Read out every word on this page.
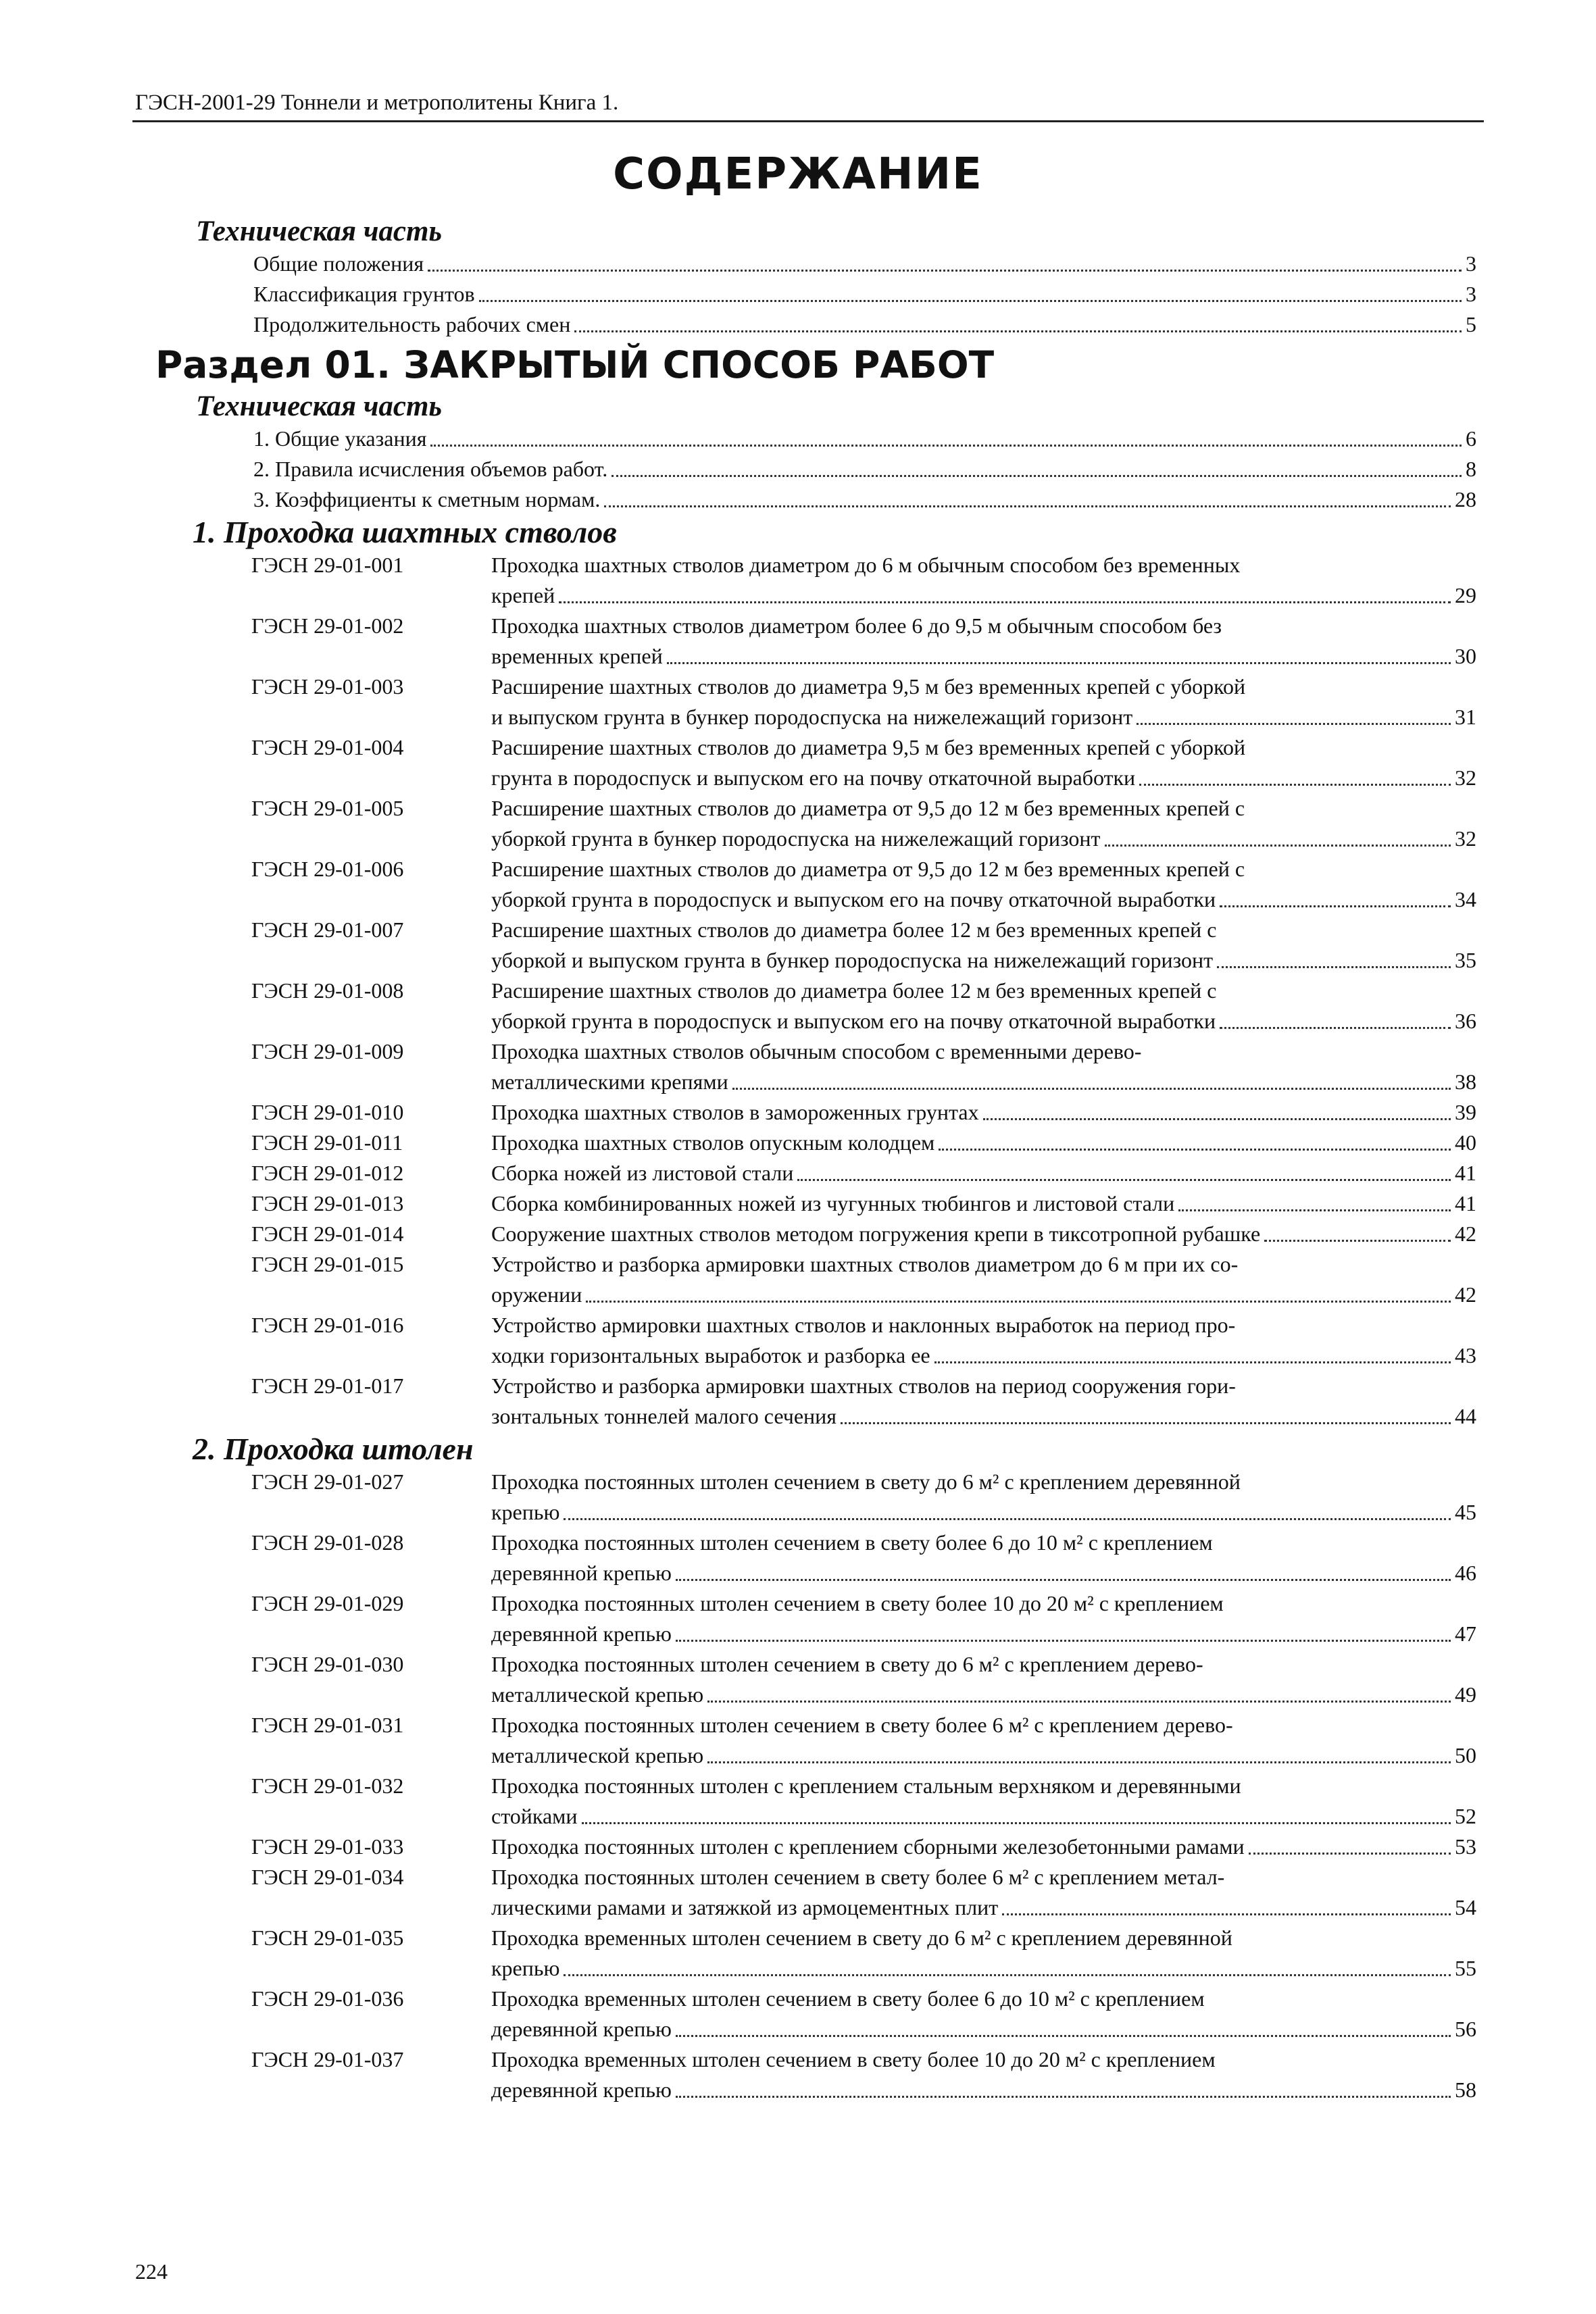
ГЭСН-2001-29 Тоннели и метрополитены Книга 1.
СОДЕРЖАНИЕ
Техническая часть
Общие положения	3
Классификация грунтов	3
Продолжительность рабочих смен	5
Раздел 01. ЗАКРЫТЫЙ СПОСОБ РАБОТ
Техническая часть
1. Общие указания	6
2. Правила исчисления объемов работ.	8
3. Коэффициенты к сметным нормам.	28
1. Проходка шахтных стволов
ГЭСН 29-01-001	Проходка шахтных стволов диаметром до 6 м обычным способом без временных
крепей	29
ГЭСН 29-01-002	Проходка шахтных стволов диаметром более 6 до 9,5 м обычным способом без
временных крепей	30
ГЭСН 29-01-003	Расширение шахтных стволов до диаметра 9,5 м без временных крепей с уборкой
и выпуском грунта в бункер породоспуска на нижележащий горизонт	31
ГЭСН 29-01-004	Расширение шахтных стволов до диаметра 9,5 м без временных крепей с уборкой
грунта в породоспуск и выпуском его на почву откаточной выработки	32
ГЭСН 29-01-005	Расширение шахтных стволов до диаметра от 9,5 до 12 м без временных крепей с
уборкой грунта в бункер породоспуска на нижележащий горизонт	32
ГЭСН 29-01-006	Расширение шахтных стволов до диаметра от 9,5 до 12 м без временных крепей с
уборкой грунта в породоспуск и выпуском его на почву откаточной выработки	34
ГЭСН 29-01-007	Расширение шахтных стволов до диаметра более 12 м без временных крепей с
уборкой и выпуском грунта в бункер породоспуска на нижележащий горизонт	35
ГЭСН 29-01-008	Расширение шахтных стволов до диаметра более 12 м без временных крепей с
уборкой грунта в породоспуск и выпуском его на почву откаточной выработки	36
ГЭСН 29-01-009	Проходка шахтных стволов обычным способом с временными дерево-
металлическими крепями	38
ГЭСН 29-01-010	Проходка шахтных стволов в замороженных грунтах	39
ГЭСН 29-01-011	Проходка шахтных стволов опускным колодцем	40
ГЭСН 29-01-012	Сборка ножей из листовой стали	41
ГЭСН 29-01-013	Сборка комбинированных ножей из чугунных тюбингов и листовой стали	41
ГЭСН 29-01-014	Сооружение шахтных стволов методом погружения крепи в тиксотропной рубашке	42
ГЭСН 29-01-015	Устройство и разборка армировки шахтных стволов диаметром до 6 м при их со-
оружении	42
ГЭСН 29-01-016	Устройство армировки шахтных стволов и наклонных выработок на период про-
ходки горизонтальных выработок и разборка ее	43
ГЭСН 29-01-017	Устройство и разборка армировки шахтных стволов на период сооружения гори-
зонтальных тоннелей малого сечения	44
2. Проходка штолен
ГЭСН 29-01-027	Проходка постоянных штолен сечением в свету до 6 м² с креплением деревянной
крепью	45
ГЭСН 29-01-028	Проходка постоянных штолен сечением в свету более 6 до 10 м² с креплением
деревянной крепью	46
ГЭСН 29-01-029	Проходка постоянных штолен сечением в свету более 10 до 20 м² с креплением
деревянной крепью	47
ГЭСН 29-01-030	Проходка постоянных штолен сечением в свету до 6 м² с креплением дерево-
металлической крепью	49
ГЭСН 29-01-031	Проходка постоянных штолен сечением в свету более 6 м² с креплением дерево-
металлической крепью	50
ГЭСН 29-01-032	Проходка постоянных штолен с креплением стальным верхняком и деревянными
стойками	52
ГЭСН 29-01-033	Проходка постоянных штолен с креплением сборными железобетонными рамами	53
ГЭСН 29-01-034	Проходка постоянных штолен сечением в свету более 6 м² с креплением метал-
лическими рамами и затяжкой из армоцементных плит	54
ГЭСН 29-01-035	Проходка временных штолен сечением в свету до 6 м² с креплением деревянной
крепью	55
ГЭСН 29-01-036	Проходка временных штолен сечением в свету более 6 до 10 м² с креплением
деревянной крепью	56
ГЭСН 29-01-037	Проходка временных штолен сечением в свету более 10 до 20 м² с креплением
деревянной крепью	58
224
